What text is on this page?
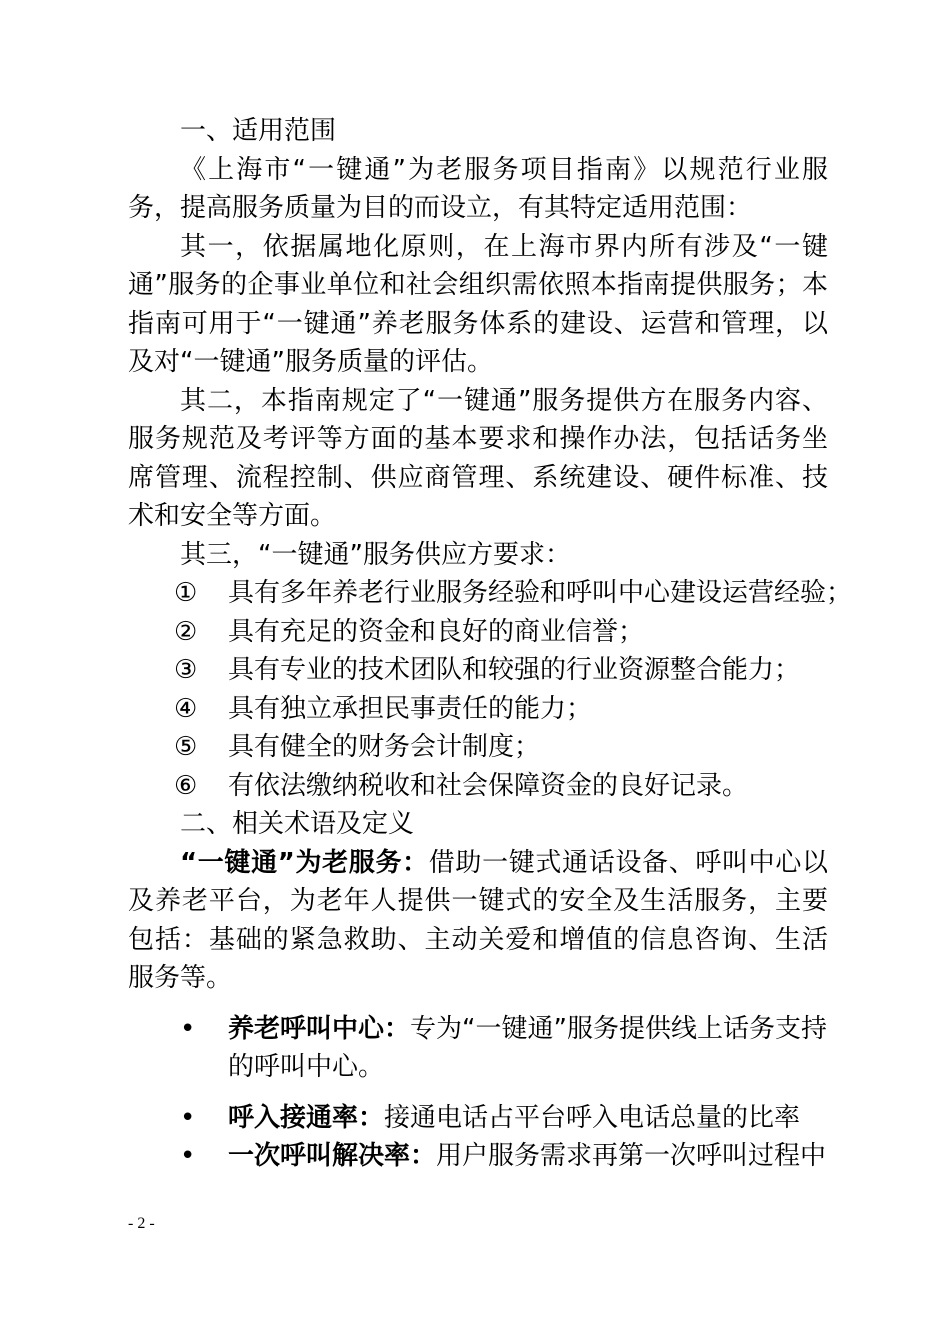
一、适用范围

《上海市“一键通”为老服务项目指南》以规范行业服务，提高服务质量为目的而设立，有其特定适用范围：

其一，依据属地化原则，在上海市界内所有涉及“一键通”服务的企事业单位和社会组织需依照本指南提供服务；本指南可用于“一键通”养老服务体系的建设、运营和管理，以及对“一键通”服务质量的评估。

其二，本指南规定了“一键通”服务提供方在服务内容、服务规范及考评等方面的基本要求和操作办法，包括话务坐席管理、流程控制、供应商管理、系统建设、硬件标准、技术和安全等方面。

其三，“一键通”服务供应方要求：

①	具有多年养老行业服务经验和呼叫中心建设运营经验；
②	具有充足的资金和良好的商业信誉；
③	具有专业的技术团队和较强的行业资源整合能力；
④	具有独立承担民事责任的能力；
⑤	具有健全的财务会计制度；
⑥	有依法缴纳税收和社会保障资金的良好记录。

二、相关术语及定义

“一键通”为老服务：借助一键式通话设备、呼叫中心以及养老平台，为老年人提供一键式的安全及生活服务，主要包括：基础的紧急救助、主动关爱和增值的信息咨询、生活服务等。

•	养老呼叫中心：专为“一键通”服务提供线上话务支持的呼叫中心。
•	呼入接通率：接通电话占平台呼入电话总量的比率
•	一次呼叫解决率：用户服务需求再第一次呼叫过程中
- 2 -
